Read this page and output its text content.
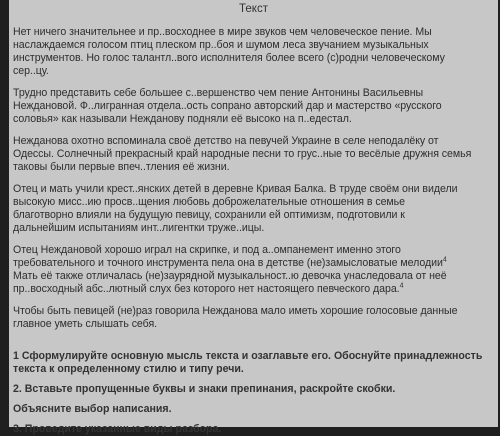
Текст
Нет ничего значительнее и пр..восходнее в мире звуков чем человеческое пение. Мы
наслаждаемся голосом птиц плеском пр..боя и шумом леса звучанием музыкальных
инструментов. Но голос талантл..вого исполнителя более всего (с)родни человеческому
сер..цу.
Трудно представить себе большее с..вершенство чем пение Антонины Васильевны
Неждановой. Ф..лигранная отдела..ость сопрано авторский дар и мастерство «русского
соловья» как называли Нежданову подняли её высоко на п..едестал.
Нежданова охотно вспоминала своё детство на певучей Украине в селе неподалёку от
Одессы. Солнечный прекрасный край народные песни то грус..ные то весёлые дружня семья
таковы были первые впеч..тления её жизни.
Отец и мать учили крест..янских детей в деревне Кривая Балка. В труде своём они видели
высокую мисс..ию просв..щения любовь доброжелательные отношения в семье
благотворно влияли на будущую певицу, сохранили ей оптимизм, подготовили к
дальнейшим испытаниям инт..лигентки труже..ицы.
Отец Неждановой хорошо играл на скрипке, и под а..омпанемент именно этого
требовательного и точного инструмента пела она в детстве (не)замысловатые мелодии$^4$
Мать её также отличалась (не)заурядной музыкальност..ю девочка унаследовала от неё
пр..восходный абс..лютный слух без которого нет настоящего певческого дара.$^4$
Чтобы быть певицей (не)раз говорила Нежданова мало иметь хорошие голосовые данные
главное уметь слышать себя.
1 Сформулируйте основную мысль текста и озаглавьте его. Обоснуйте принадлежность
текста к определенному стилю и типу речи.
2. Вставьте пропущенные буквы и знаки препинания, раскройте скобки.
Объясните выбор написания.
3. Проведите указанные виды разбора.
